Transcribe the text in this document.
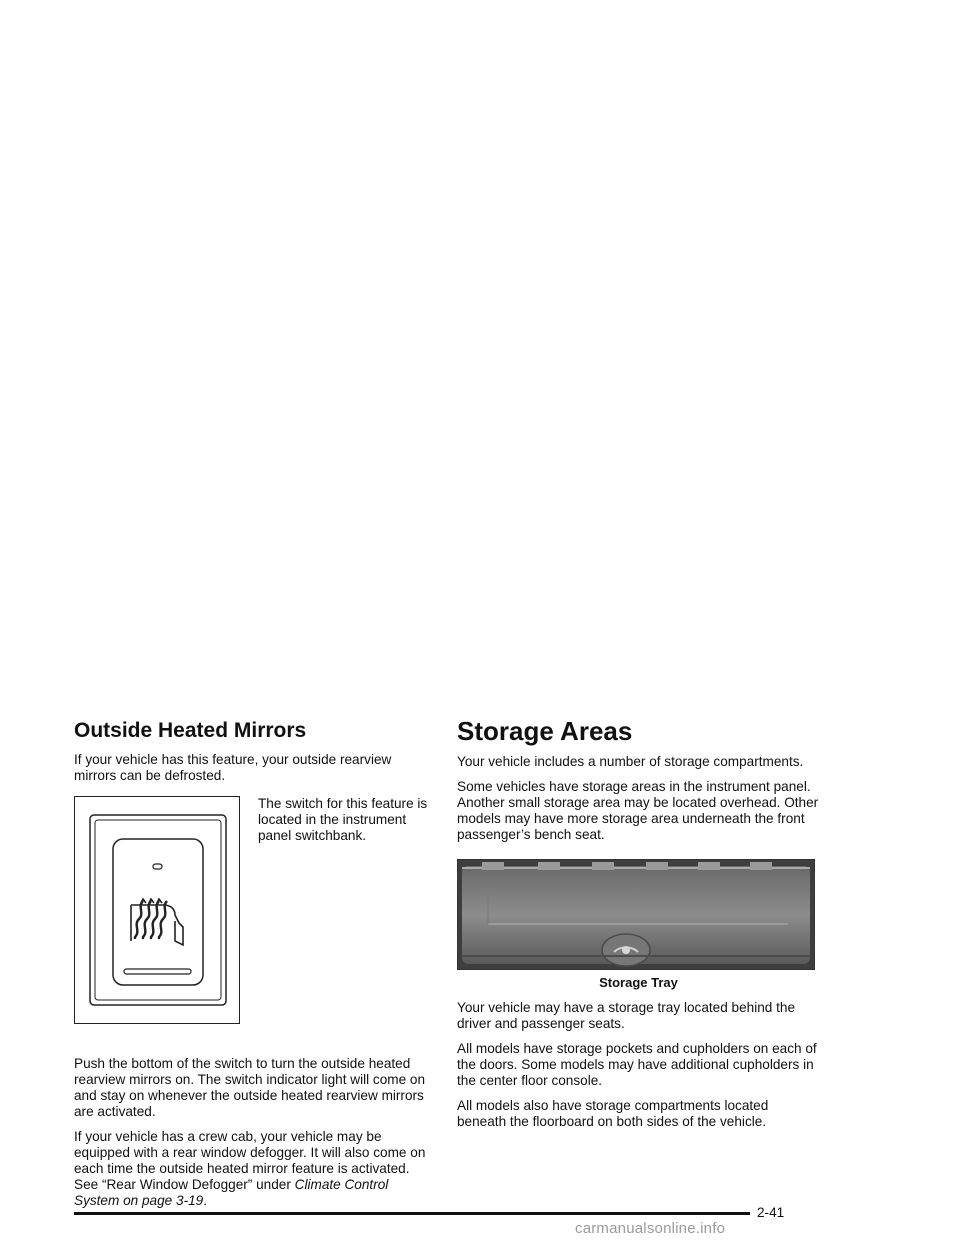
Outside Heated Mirrors

If your vehicle has this feature, your outside rearview mirrors can be defrosted.

The switch for this feature is located in the instrument panel switchbank.

Push the bottom of the switch to turn the outside heated rearview mirrors on. The switch indicator light will come on and stay on whenever the outside heated rearview mirrors are activated.

If your vehicle has a crew cab, your vehicle may be equipped with a rear window defogger. It will also come on each time the outside heated mirror feature is activated. See “Rear Window Defogger” under Climate Control System on page 3-19.

Storage Areas

Your vehicle includes a number of storage compartments.

Some vehicles have storage areas in the instrument panel. Another small storage area may be located overhead. Other models may have more storage area underneath the front passenger’s bench seat.

Storage Tray

Your vehicle may have a storage tray located behind the driver and passenger seats.

All models have storage pockets and cupholders on each of the doors. Some models may have additional cupholders in the center floor console.

All models also have storage compartments located beneath the floorboard on both sides of the vehicle.

2-41
carmanualsonline.info
